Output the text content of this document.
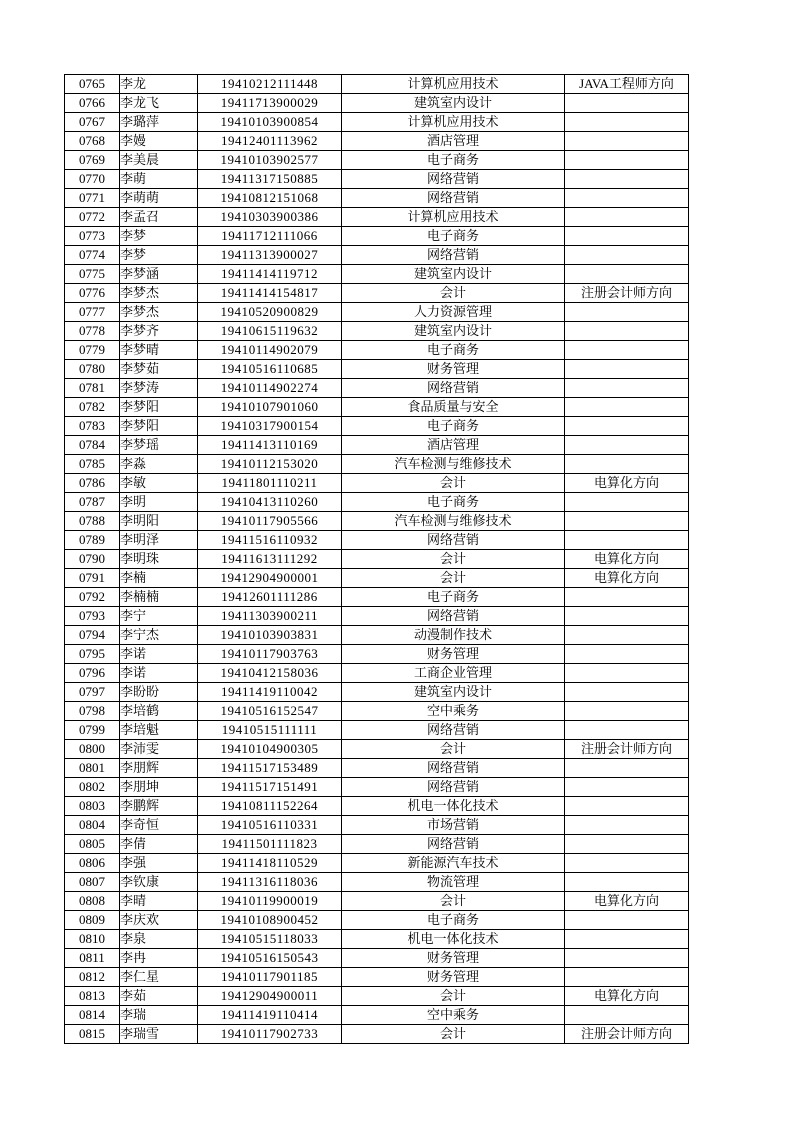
0765	李龙	19410212111448	计算机应用技术	JAVA工程师方向
0766	李龙飞	19411713900029	建筑室内设计	
0767	李璐萍	19410103900854	计算机应用技术	
0768	李嫚	19412401113962	酒店管理	
0769	李美晨	19410103902577	电子商务	
0770	李萌	19411317150885	网络营销	
0771	李萌萌	19410812151068	网络营销	
0772	李孟召	19410303900386	计算机应用技术	
0773	李梦	19411712111066	电子商务	
0774	李梦	19411313900027	网络营销	
0775	李梦涵	19411414119712	建筑室内设计	
0776	李梦杰	19411414154817	会计	注册会计师方向
0777	李梦杰	19410520900829	人力资源管理	
0778	李梦齐	19410615119632	建筑室内设计	
0779	李梦晴	19410114902079	电子商务	
0780	李梦茹	19410516110685	财务管理	
0781	李梦涛	19410114902274	网络营销	
0782	李梦阳	19410107901060	食品质量与安全	
0783	李梦阳	19410317900154	电子商务	
0784	李梦瑶	19411413110169	酒店管理	
0785	李淼	19410112153020	汽车检测与维修技术	
0786	李敏	19411801110211	会计	电算化方向
0787	李明	19410413110260	电子商务	
0788	李明阳	19410117905566	汽车检测与维修技术	
0789	李明泽	19411516110932	网络营销	
0790	李明珠	19411613111292	会计	电算化方向
0791	李楠	19412904900001	会计	电算化方向
0792	李楠楠	19412601111286	电子商务	
0793	李宁	19411303900211	网络营销	
0794	李宁杰	19410103903831	动漫制作技术	
0795	李诺	19410117903763	财务管理	
0796	李诺	19410412158036	工商企业管理	
0797	李盼盼	19411419110042	建筑室内设计	
0798	李培鹤	19410516152547	空中乘务	
0799	李培魁	19410515111111	网络营销	
0800	李沛雯	19410104900305	会计	注册会计师方向
0801	李朋辉	19411517153489	网络营销	
0802	李朋坤	19411517151491	网络营销	
0803	李鹏辉	19410811152264	机电一体化技术	
0804	李奇恒	19410516110331	市场营销	
0805	李倩	19411501111823	网络营销	
0806	李强	19411418110529	新能源汽车技术	
0807	李钦康	19411316118036	物流管理	
0808	李晴	19410119900019	会计	电算化方向
0809	李庆欢	19410108900452	电子商务	
0810	李泉	19410515118033	机电一体化技术	
0811	李冉	19410516150543	财务管理	
0812	李仁星	19410117901185	财务管理	
0813	李茹	19412904900011	会计	电算化方向
0814	李瑞	19411419110414	空中乘务	
0815	李瑞雪	19410117902733	会计	注册会计师方向
